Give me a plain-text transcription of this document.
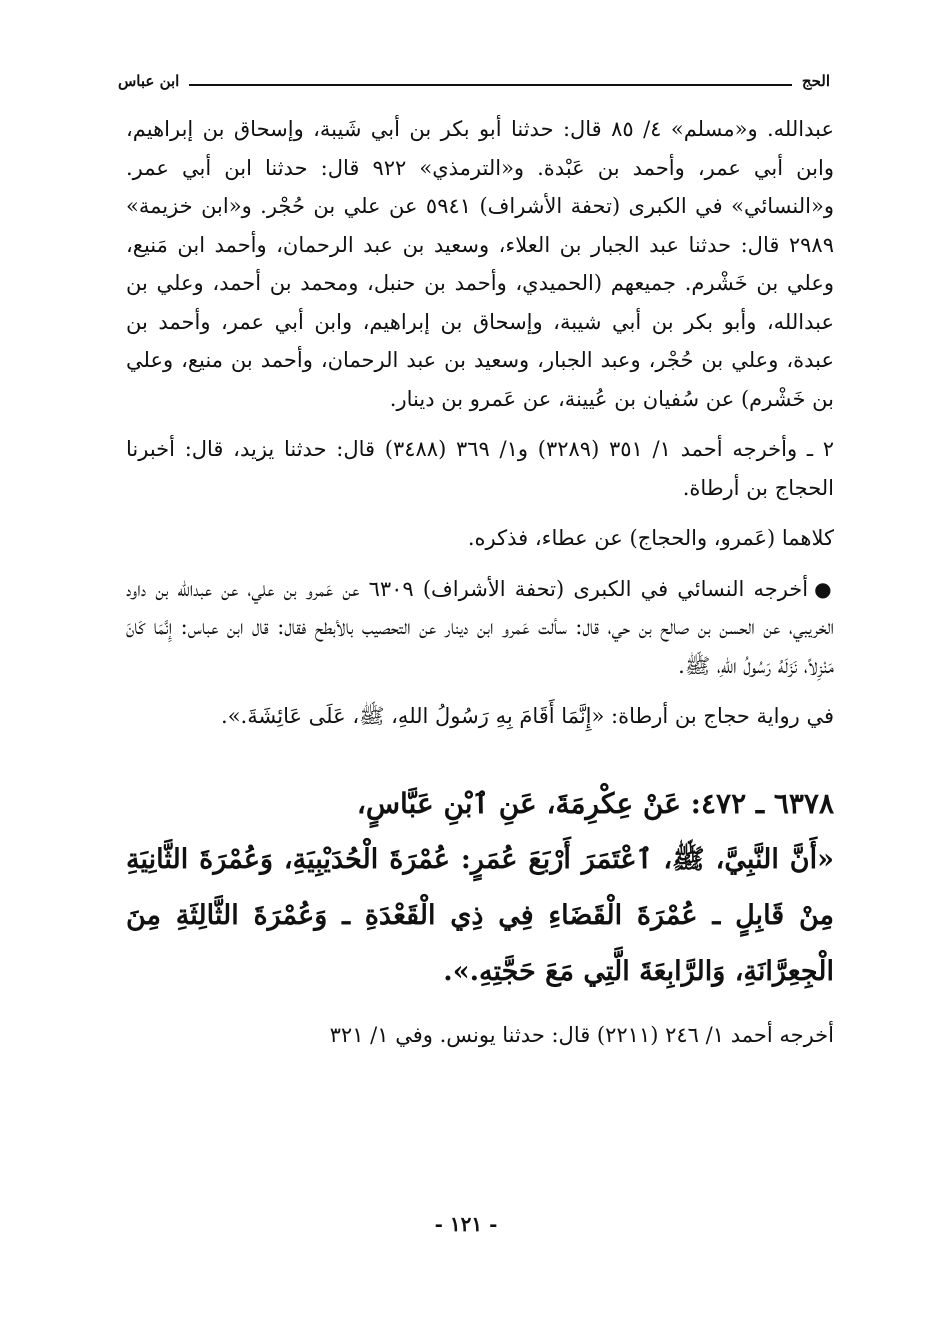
الحج
ابن عباس

عبدالله. و«مسلم» ٤/ ٨٥ قال: حدثنا أبو بكر بن أبي شَيبة، وإسحاق بن إبراهيم، وابن أبي عمر، وأحمد بن عَبْدة. و«الترمذي» ٩٢٢ قال: حدثنا ابن أبي عمر. و«النسائي» في الكبرى (تحفة الأشراف) ٥٩٤١ عن علي بن حُجْر. و«ابن خزيمة» ٢٩٨٩ قال: حدثنا عبد الجبار بن العلاء، وسعيد بن عبد الرحمان، وأحمد ابن مَنيع، وعلي بن خَشْرم. جميعهم (الحميدي، وأحمد بن حنبل، ومحمد بن أحمد، وعلي بن عبدالله، وأبو بكر بن أبي شيبة، وإسحاق بن إبراهيم، وابن أبي عمر، وأحمد بن عبدة، وعلي بن حُجْر، وعبد الجبار، وسعيد بن عبد الرحمان، وأحمد بن منيع، وعلي بن خَشْرم) عن سُفيان بن عُيينة، عن عَمرو بن دينار.

٢ ـ وأخرجه أحمد ١/ ٣٥١ (٣٢٨٩) و١/ ٣٦٩ (٣٤٨٨) قال: حدثنا يزيد، قال: أخبرنا الحجاج بن أرطاة.

كلاهما (عَمرو، والحجاج) عن عطاء، فذكره.

●أخرجه النسائي في الكبرى (تحفة الأشراف) ٦٣٠٩ عن عَمرو بن علي، عن عبدالله بن داود الخريبي، عن الحسن بن صالح بن حي، قال: سألت عَمرو ابن دينار عن التحصيب بالأبطح فقال: قال ابن عباس: إِنَّمَا كَانَ مَنْزِلاً، نَزَلَهُ رَسُولُ اللهِ، ﷺ.

في رواية حجاج بن أرطاة: «إِنَّمَا أَقَامَ بِهِ رَسُولُ اللهِ، ﷺ، عَلَى عَائِشَةَ.».

٦٣٧٨ ـ ٤٧٢: عَنْ عِكْرِمَةَ، عَنِ ٱبْنِ عَبَّاسٍ،
«أَنَّ النَّبِيَّ، ﷺ، ٱعْتَمَرَ أَرْبَعَ عُمَرٍ: عُمْرَةَ الْحُدَيْبِيَةِ، وَعُمْرَةَ الثَّانِيَةِ مِنْ قَابِلٍ ـ عُمْرَةَ الْقَضَاءِ فِي ذِي الْقَعْدَةِ ـ وَعُمْرَةَ الثَّالِثَةِ مِنَ الْجِعِرَّانَةِ، وَالرَّابِعَةَ الَّتِي مَعَ حَجَّتِهِ.».

أخرجه أحمد ١/ ٢٤٦ (٢٢١١) قال: حدثنا يونس. وفي ١/ ٣٢١

- ١٢١ -
